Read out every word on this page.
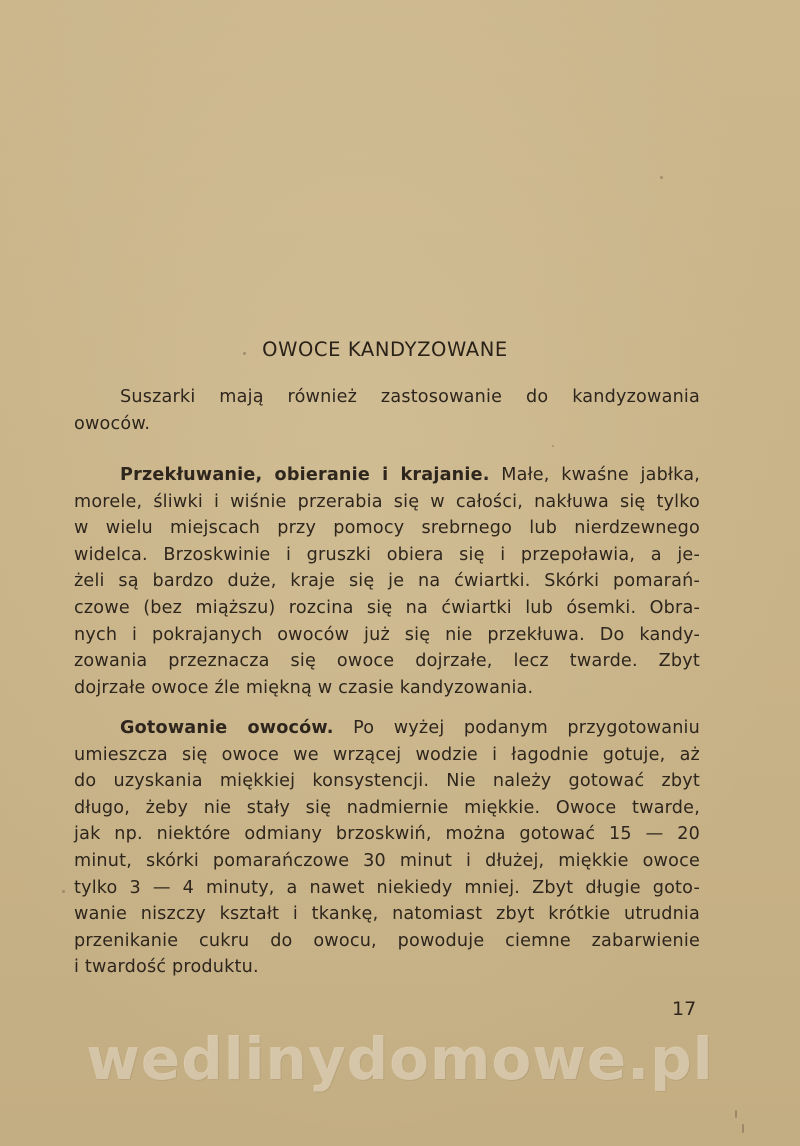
OWOCE KANDYZOWANE
Suszarki mają również zastosowanie do kandyzowania
owoców.
Przekłuwanie, obieranie i krajanie. Małe, kwaśne jabłka,
morele, śliwki i wiśnie przerabia się w całości, nakłuwa się tylko
w wielu miejscach przy pomocy srebrnego lub nierdzewnego
widelca. Brzoskwinie i gruszki obiera się i przepoławia, a je-
żeli są bardzo duże, kraje się je na ćwiartki. Skórki pomarań-
czowe (bez miąższu) rozcina się na ćwiartki lub ósemki. Obra-
nych i pokrajanych owoców już się nie przekłuwa. Do kandy-
zowania przeznacza się owoce dojrzałe, lecz twarde. Zbyt
dojrzałe owoce źle miękną w czasie kandyzowania.
Gotowanie owoców. Po wyżej podanym przygotowaniu
umieszcza się owoce we wrzącej wodzie i łagodnie gotuje, aż
do uzyskania miękkiej konsystencji. Nie należy gotować zbyt
długo, żeby nie stały się nadmiernie miękkie. Owoce twarde,
jak np. niektóre odmiany brzoskwiń, można gotować 15 — 20
minut, skórki pomarańczowe 30 minut i dłużej, miękkie owoce
tylko 3 — 4 minuty, a nawet niekiedy mniej. Zbyt długie goto-
wanie niszczy kształt i tkankę, natomiast zbyt krótkie utrudnia
przenikanie cukru do owocu, powoduje ciemne zabarwienie
i twardość produktu.
17
wedlinydomowe.pl
